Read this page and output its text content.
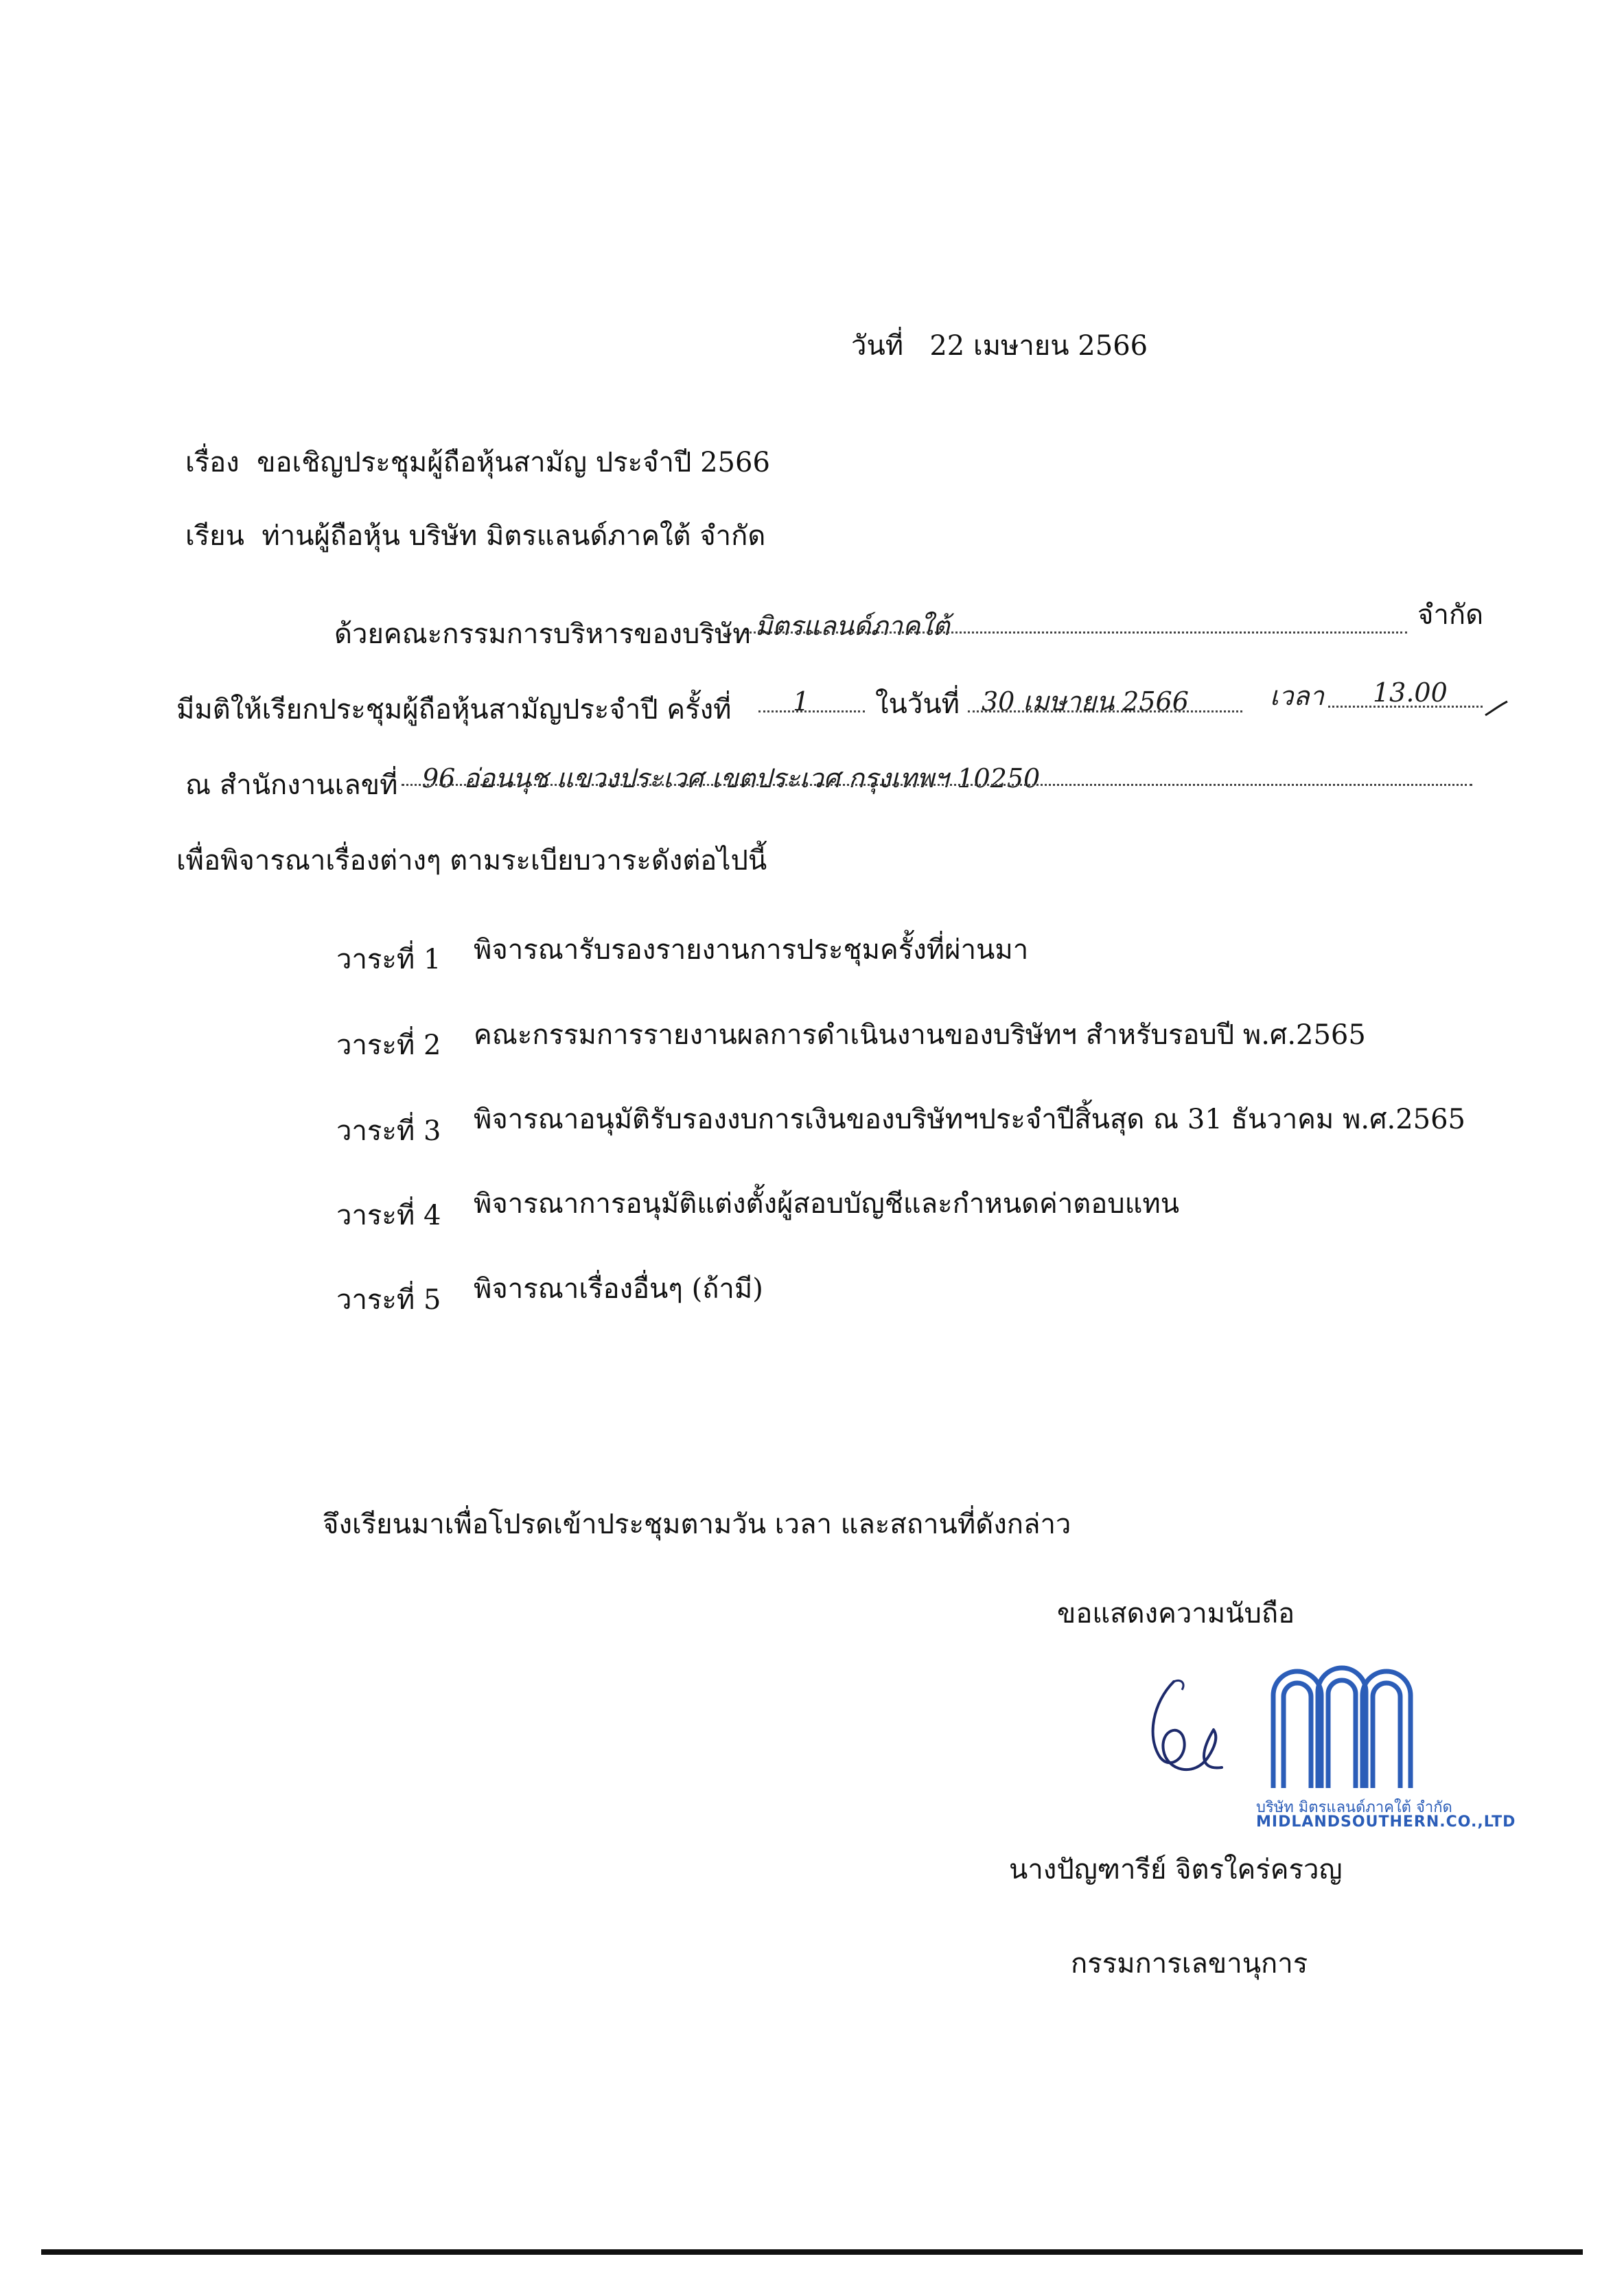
วันที่ 22 เมษายน 2566
เรื่อง ขอเชิญประชุมผู้ถือหุ้นสามัญ ประจำปี 2566
เรียน ท่านผู้ถือหุ้น บริษัท มิตรแลนด์ภาคใต้ จำกัด
ด้วยคณะกรรมการบริหารของบริษัท มิตรแลนด์ภาคใต้	จำกัด
มีมติให้เรียกประชุมผู้ถือหุ้นสามัญประจำปี ครั้งที่ 1 ในวันที่ 30 เมษายน 2566	เวลา 13.00
ณ สำนักงานเลขที่ 96 อ่อนนุช แขวงประเวศ เขตประเวศ กรุงเทพฯ 10250
เพื่อพิจารณาเรื่องต่างๆ ตามระเบียบวาระดังต่อไปนี้
วาระที่ 1 พิจารณารับรองรายงานการประชุมครั้งที่ผ่านมา
วาระที่ 2 คณะกรรมการรายงานผลการดำเนินงานของบริษัทฯ สำหรับรอบปี พ.ศ.2565
วาระที่ 3 พิจารณาอนุมัติรับรองงบการเงินของบริษัทฯประจำปีสิ้นสุด ณ 31 ธันวาคม พ.ศ.2565
วาระที่ 4 พิจารณาการอนุมัติแต่งตั้งผู้สอบบัญชีและกำหนดค่าตอบแทน
วาระที่ 5 พิจารณาเรื่องอื่นๆ (ถ้ามี)
จึงเรียนมาเพื่อโปรดเข้าประชุมตามวัน เวลา และสถานที่ดังกล่าว
ขอแสดงความนับถือ
บริษัท มิตรแลนด์ภาคใต้ จำกัด
MIDLANDSOUTHERN.CO.,LTD
นางปัญฑารีย์ จิตรใคร่ครวญ
กรรมการเลขานุการ
